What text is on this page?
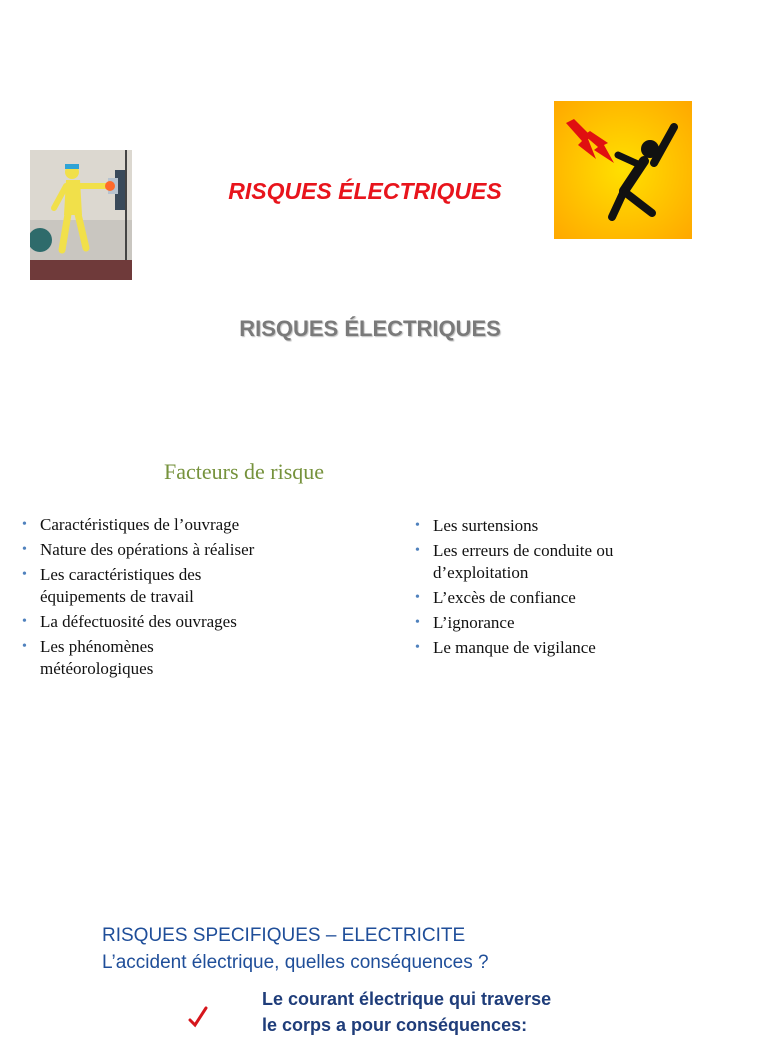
RISQUES ÉLECTRIQUES
RISQUES ÉLECTRIQUES
Facteurs de risque
• Caractéristiques de l’ouvrage
• Nature des opérations à réaliser
• Les caractéristiques des équipements de travail
• La défectuosité des ouvrages
• Les phénomènes météorologiques
• Les surtensions
• Les erreurs de conduite ou d’exploitation
• L’excès de confiance
• L’ignorance
• Le manque de vigilance
RISQUES SPECIFIQUES – ELECTRICITE
L’accident électrique, quelles conséquences ?
Le courant électrique qui traverse
le corps a pour conséquences:
